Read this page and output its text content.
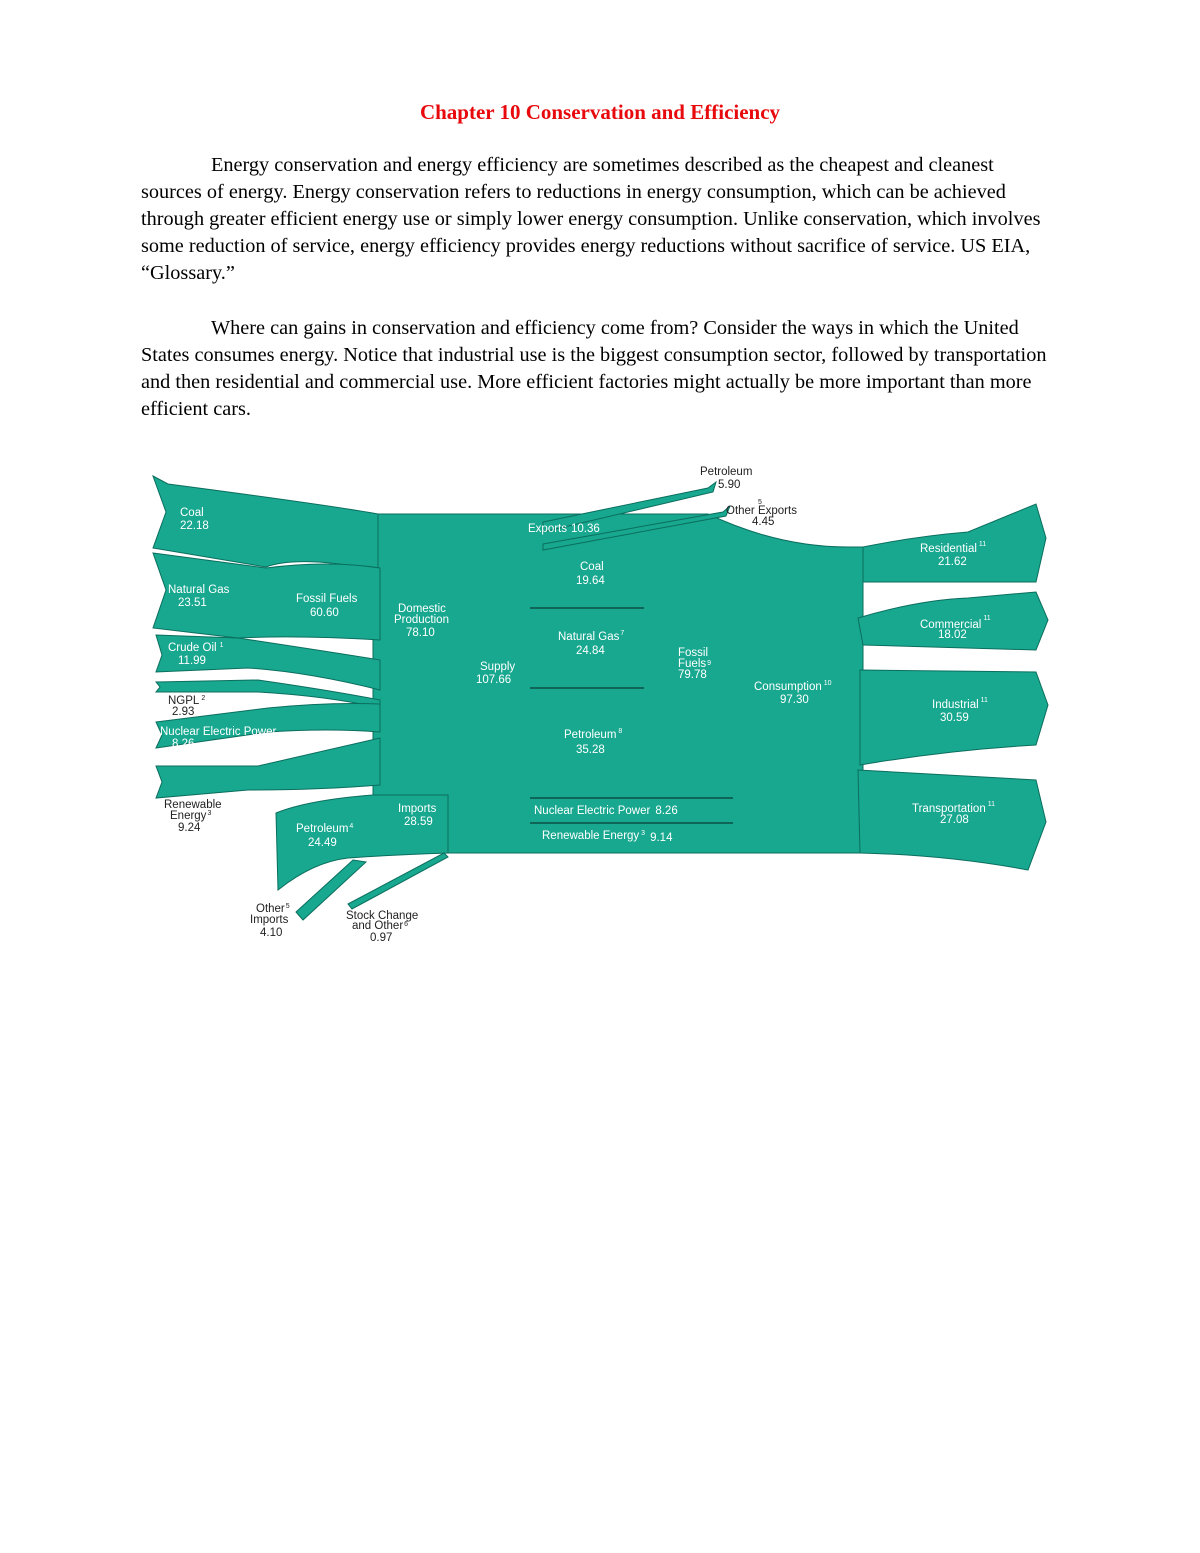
Chapter 10 Conservation and Efficiency

Energy conservation and energy efficiency are sometimes described as the cheapest and cleanest sources of energy. Energy conservation refers to reductions in energy consumption, which can be achieved through greater efficient energy use or simply lower energy consumption. Unlike conservation, which involves some reduction of service, energy efficiency provides energy reductions without sacrifice of service. US EIA, “Glossary.”

Where can gains in conservation and efficiency come from? Consider the ways in which the United States consumes energy. Notice that industrial use is the biggest consumption sector, followed by transportation and then residential and commercial use. More efficient factories might actually be more important than more efficient cars.

Coal 22.18
Natural Gas 23.51
Crude Oil $^1$ 11.99
NGPL $^2$ 2.93
Nuclear Electric Power 8.26
Renewable Energy$^3$ 9.24
Fossil Fuels 60.60	Domestic Production 78.10
Supply 107.66
Imports 28.59
Petroleum$^4$ 24.49
Other$^5$ Imports 4.10
Stock Change and Other$^6$ 0.97
Exports 10.36
Petroleum 5.90
Other Exports5 4.45
Coal 19.64
Natural Gas$^7$ 24.84
Petroleum $^8$ 35.28
Nuclear Electric Power 8.26
Renewable Energy $^3$ 9.14
Fossil Fuels9 79.78
Consumption $^{10}$ 97.30
Residential $^{11}$ 21.62
Commercial$^{11}$ 18.02
Industrial $^{11}$ 30.59
Transportation $^{11}$ 27.08
